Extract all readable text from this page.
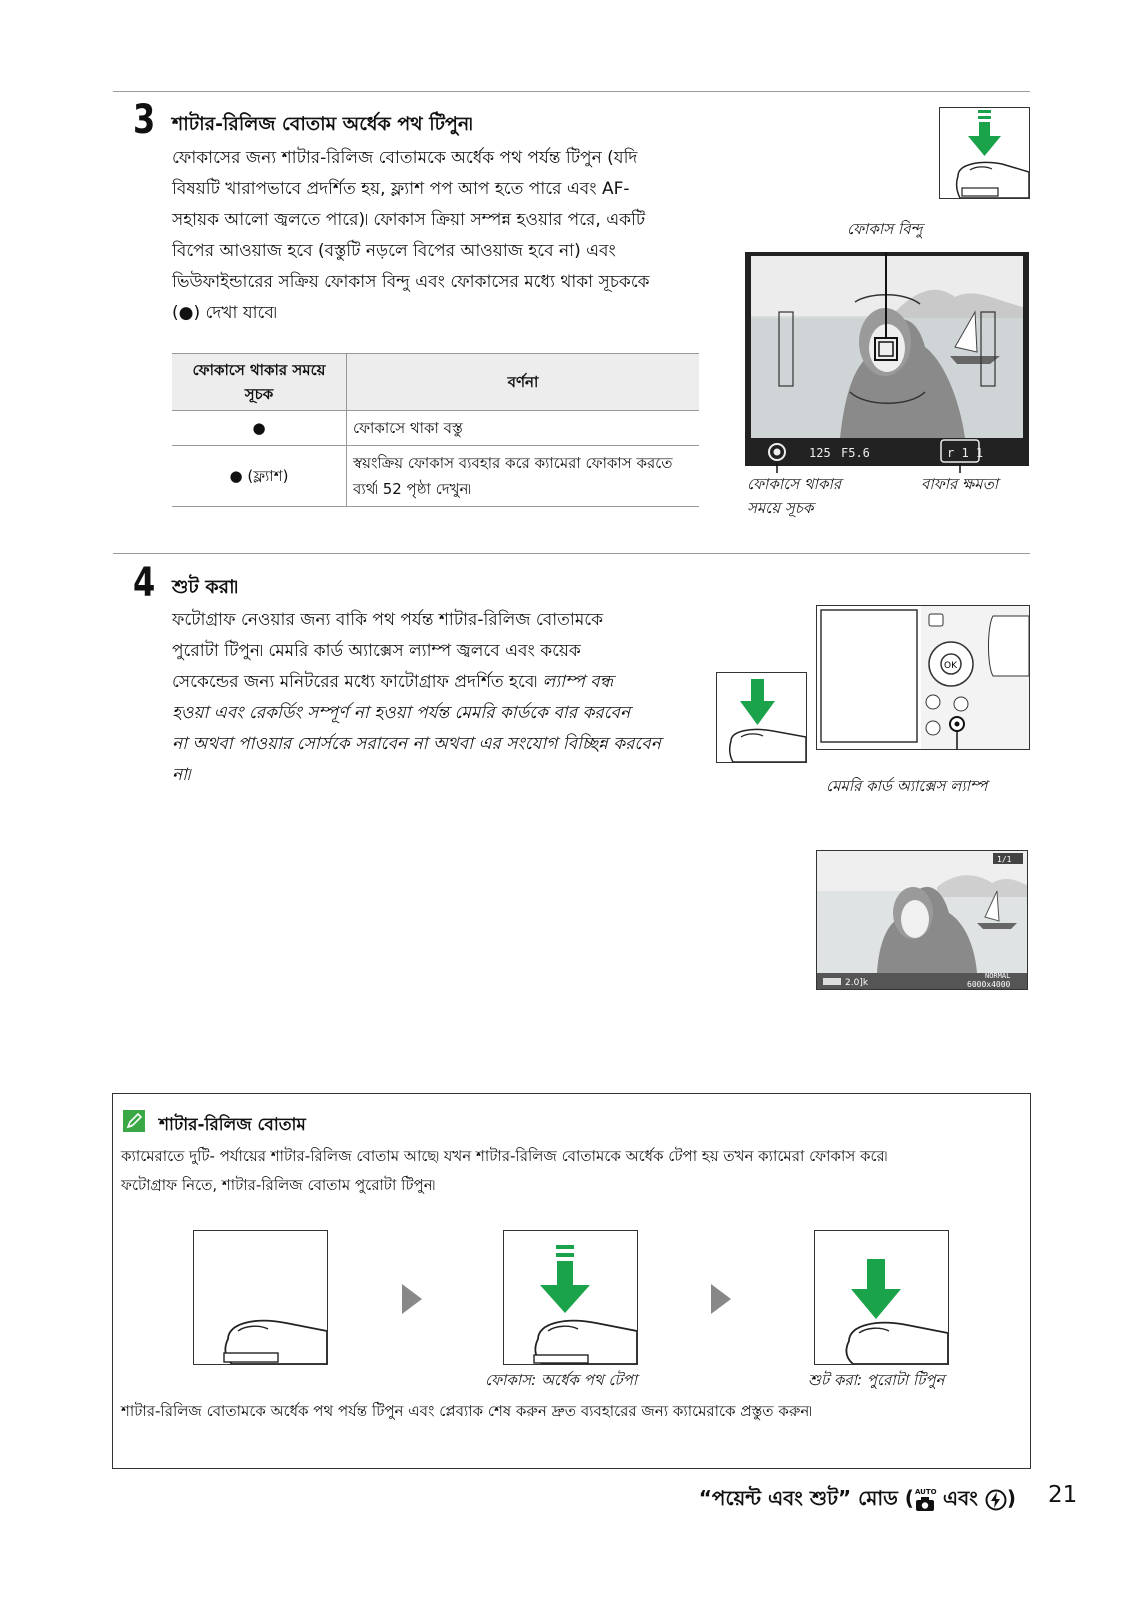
3 শাটার-রিলিজ বোতাম অর্ধেক পথ টিপুন৷
ফোকাসের জন্য শাটার-রিলিজ বোতামকে অর্ধেক পথ পর্যন্ত টিপুন (যদি
বিষয়টি খারাপভাবে প্রদর্শিত হয়, ফ্ল্যাশ পপ আপ হতে পারে এবং AF-
সহায়ক আলো জ্বলতে পারে)৷ ফোকাস ক্রিয়া সম্পন্ন হওয়ার পরে, একটি
বিপের আওয়াজ হবে (বস্তুটি নড়লে বিপের আওয়াজ হবে না) এবং
ভিউফাইন্ডারের সক্রিয় ফোকাস বিন্দু এবং ফোকাসের মধ্যে থাকা সূচককে
(●) দেখা যাবে৷
ফোকাসে থাকার সময়ে সূচক	বর্ণনা
●	ফোকাসে থাকা বস্তু
● (ফ্ল্যাশ)	স্বয়ংক্রিয় ফোকাস ব্যবহার করে ক্যামেরা ফোকাস করতে ব্যর্থ৷ 52 পৃষ্ঠা দেখুন৷
ফোকাস বিন্দু
125 F5.6	r 1 1
ফোকাসে থাকার
সময়ে সূচক
বাফার ক্ষমতা
4 শুট করা৷
ফটোগ্রাফ নেওয়ার জন্য বাকি পথ পর্যন্ত শাটার-রিলিজ বোতামকে
পুরোটা টিপুন৷ মেমরি কার্ড অ্যাক্সেস ল্যাম্প জ্বলবে এবং কয়েক
সেকেন্ডের জন্য মনিটরের মধ্যে ফাটোগ্রাফ প্রদর্শিত হবে৷ ল্যাম্প বন্ধ
হওয়া এবং রেকর্ডিং সম্পূর্ণ না হওয়া পর্যন্ত মেমরি কার্ডকে বার করবেন
না অথবা পাওয়ার সোর্সকে সরাবেন না অথবা এর সংযোগ বিচ্ছিন্ন করবেন
না৷
OK
মেমরি কার্ড অ্যাক্সেস ল্যাম্প
1/1
2.0]k
NORMAL
6000x4000
শাটার-রিলিজ বোতাম
ক্যামেরাতে দুটি- পর্যায়ের শাটার-রিলিজ বোতাম আছে৷ যখন শাটার-রিলিজ বোতামকে অর্ধেক টেপা হয় তখন ক্যামেরা ফোকাস করে৷
ফটোগ্রাফ নিতে, শাটার-রিলিজ বোতাম পুরোটা টিপুন৷
ফোকাস: অর্ধেক পথ টেপা	শুট করা: পুরোটা টিপুন
শাটার-রিলিজ বোতামকে অর্ধেক পথ পর্যন্ত টিপুন এবং প্লেব্যাক শেষ করুন দ্রুত ব্যবহারের জন্য ক্যামেরাকে প্রস্তুত করুন৷
“পয়েন্ট এবং শুট” মোড ( AUTO এবং ) 21
